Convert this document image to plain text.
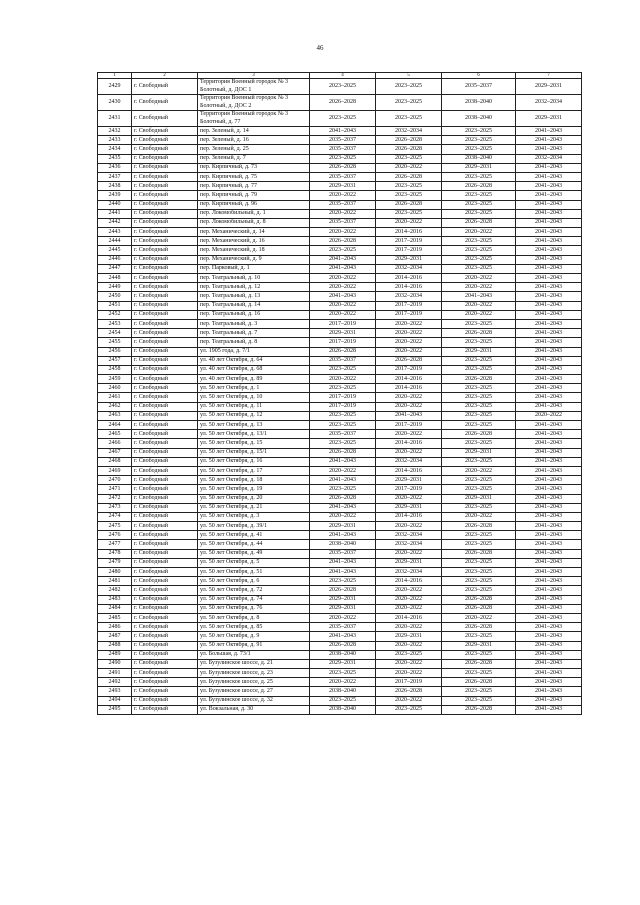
46
1	2	3	4	5	6	7
2429	г. Свободный	Территория Военный городок № 3 Болотный, д. ДОС 1	2023–2025	2023–2025	2035–2037	2029–2031
2430	г. Свободный	Территория Военный городок № 3 Болотный, д. ДОС 2	2026–2028	2023–2025	2038–2040	2032–2034
2431	г. Свободный	Территория Военный городок № 3 Болотный, д. 77	2023–2025	2023–2025	2038–2040	2029–2031
2432	г. Свободный	пер. Зеленый, д. 14	2041–2043	2032–2034	2023–2025	2041–2043
2433	г. Свободный	пер. Зеленый, д. 16	2035–2037	2026–2028	2023–2025	2041–2043
2434	г. Свободный	пер. Зеленый, д. 25	2035–2037	2026–2028	2023–2025	2041–2043
2435	г. Свободный	пер. Зеленый, д. 7	2023–2025	2023–2025	2038–2040	2032–2034
2436	г. Свободный	пер. Кирпичный, д. 73	2026–2028	2020–2022	2029–2031	2041–2043
2437	г. Свободный	пер. Кирпичный, д. 75	2035–2037	2026–2028	2023–2025	2041–2043
2438	г. Свободный	пер. Кирпичный, д. 77	2029–2031	2023–2025	2026–2028	2041–2043
2439	г. Свободный	пер. Кирпичный, д. 79	2020–2022	2023–2025	2023–2025	2041–2043
2440	г. Свободный	пер. Кирпичный, д. 96	2035–2037	2026–2028	2023–2025	2041–2043
2441	г. Свободный	пер. Локомобильный, д. 1	2020–2022	2023–2025	2023–2025	2041–2043
2442	г. Свободный	пер. Локомобильный, д. 8	2035–2037	2020–2022	2026–2028	2041–2043
2443	г. Свободный	пер. Механический, д. 14	2020–2022	2014–2016	2020–2022	2041–2043
2444	г. Свободный	пер. Механический, д. 16	2026–2028	2017–2019	2023–2025	2041–2043
2445	г. Свободный	пер. Механический, д. 18	2023–2025	2017–2019	2023–2025	2041–2043
2446	г. Свободный	пер. Механический, д. 9	2041–2043	2029–2031	2023–2025	2041–2043
2447	г. Свободный	пер. Парковый, д. 1	2041–2043	2032–2034	2023–2025	2041–2043
2448	г. Свободный	пер. Театральный, д. 10	2020–2022	2014–2016	2020–2022	2041–2043
2449	г. Свободный	пер. Театральный, д. 12	2020–2022	2014–2016	2020–2022	2041–2043
2450	г. Свободный	пер. Театральный, д. 13	2041–2043	2032–2034	2041–2043	2041–2043
2451	г. Свободный	пер. Театральный, д. 14	2020–2022	2017–2019	2020–2022	2041–2043
2452	г. Свободный	пер. Театральный, д. 16	2020–2022	2017–2019	2020–2022	2041–2043
2453	г. Свободный	пер. Театральный, д. 3	2017–2019	2020–2022	2023–2025	2041–2043
2454	г. Свободный	пер. Театральный, д. 7	2029–2031	2020–2022	2026–2028	2041–2043
2455	г. Свободный	пер. Театральный, д. 8	2017–2019	2020–2022	2023–2025	2041–2043
2456	г. Свободный	ул. 1905 года, д. 7/1	2026–2028	2020–2022	2029–2031	2041–2043
2457	г. Свободный	ул. 40 лет Октября, д. 64	2035–2037	2026–2028	2023–2025	2041–2043
2458	г. Свободный	ул. 40 лет Октября, д. 68	2023–2025	2017–2019	2023–2025	2041–2043
2459	г. Свободный	ул. 40 лет Октября, д. 89	2020–2022	2014–2016	2026–2028	2041–2043
2460	г. Свободный	ул. 50 лет Октября, д. 1	2023–2025	2014–2016	2023–2025	2041–2043
2461	г. Свободный	ул. 50 лет Октября, д. 10	2017–2019	2020–2022	2023–2025	2041–2043
2462	г. Свободный	ул. 50 лет Октября, д. 11	2017–2019	2020–2022	2023–2025	2041–2043
2463	г. Свободный	ул. 50 лет Октября, д. 12	2023–2025	2041–2043	2023–2025	2020–2022
2464	г. Свободный	ул. 50 лет Октября, д. 13	2023–2025	2017–2019	2023–2025	2041–2043
2465	г. Свободный	ул. 50 лет Октября, д. 13/1	2035–2037	2020–2022	2026–2028	2041–2043
2466	г. Свободный	ул. 50 лет Октября, д. 15	2023–2025	2014–2016	2023–2025	2041–2043
2467	г. Свободный	ул. 50 лет Октября, д. 15/1	2026–2028	2020–2022	2029–2031	2041–2043
2468	г. Свободный	ул. 50 лет Октября, д. 16	2041–2043	2032–2034	2023–2025	2041–2043
2469	г. Свободный	ул. 50 лет Октября, д. 17	2020–2022	2014–2016	2020–2022	2041–2043
2470	г. Свободный	ул. 50 лет Октября, д. 18	2041–2043	2029–2031	2023–2025	2041–2043
2471	г. Свободный	ул. 50 лет Октября, д. 19	2023–2025	2017–2019	2023–2025	2041–2043
2472	г. Свободный	ул. 50 лет Октября, д. 20	2026–2028	2020–2022	2029–2031	2041–2043
2473	г. Свободный	ул. 50 лет Октября, д. 21	2041–2043	2029–2031	2023–2025	2041–2043
2474	г. Свободный	ул. 50 лет Октября, д. 3	2020–2022	2014–2016	2020–2022	2041–2043
2475	г. Свободный	ул. 50 лет Октября, д. 39/1	2029–2031	2020–2022	2026–2028	2041–2043
2476	г. Свободный	ул. 50 лет Октября, д. 41	2041–2043	2032–2034	2023–2025	2041–2043
2477	г. Свободный	ул. 50 лет Октября, д. 44	2038–2040	2032–2034	2023–2025	2041–2043
2478	г. Свободный	ул. 50 лет Октября, д. 49	2035–2037	2020–2022	2026–2028	2041–2043
2479	г. Свободный	ул. 50 лет Октября, д. 5	2041–2043	2029–2031	2023–2025	2041–2043
2480	г. Свободный	ул. 50 лет Октября, д. 51	2041–2043	2032–2034	2023–2025	2041–2043
2481	г. Свободный	ул. 50 лет Октября, д. 6	2023–2025	2014–2016	2023–2025	2041–2043
2482	г. Свободный	ул. 50 лет Октября, д. 72	2026–2028	2020–2022	2023–2025	2041–2043
2483	г. Свободный	ул. 50 лет Октября, д. 74	2029–2031	2020–2022	2026–2028	2041–2043
2484	г. Свободный	ул. 50 лет Октября, д. 76	2029–2031	2020–2022	2026–2028	2041–2043
2485	г. Свободный	ул. 50 лет Октября, д. 8	2020–2022	2014–2016	2020–2022	2041–2043
2486	г. Свободный	ул. 50 лет Октября, д. 85	2035–2037	2020–2022	2026–2028	2041–2043
2487	г. Свободный	ул. 50 лет Октября, д. 9	2041–2043	2029–2031	2023–2025	2041–2043
2488	г. Свободный	ул. 50 лет Октября, д. 91	2026–2028	2020–2022	2029–2031	2041–2043
2489	г. Свободный	ул. Большая, д. 73/1	2038–2040	2023–2025	2023–2025	2041–2043
2490	г. Свободный	ул. Бузулинское шоссе, д. 21	2029–2031	2020–2022	2026–2028	2041–2043
2491	г. Свободный	ул. Бузулинское шоссе, д. 23	2023–2025	2020–2022	2023–2025	2041–2043
2492	г. Свободный	ул. Бузулинское шоссе, д. 25	2020–2022	2017–2019	2026–2028	2041–2043
2493	г. Свободный	ул. Бузулинское шоссе, д. 27	2038–2040	2026–2028	2023–2025	2041–2043
2494	г. Свободный	ул. Бузулинское шоссе, д. 32	2023–2025	2020–2022	2023–2025	2041–2043
2495	г. Свободный	ул. Вокзальная, д. 30	2038–2040	2023–2025	2026–2028	2041–2043
